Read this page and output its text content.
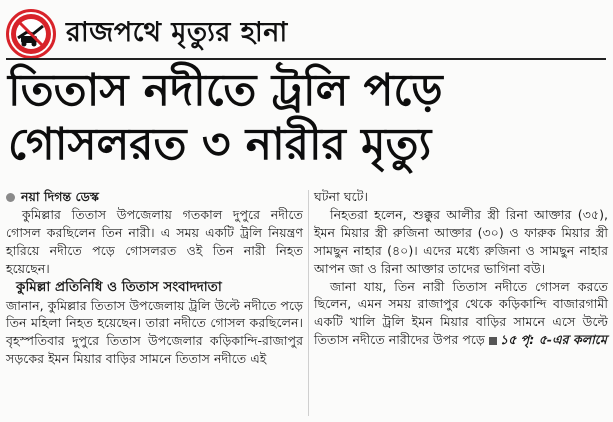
রাজপথে মৃত্যুর হানা
তিতাস নদীতে ট্রলি পড়ে
গোসলরত ৩ নারীর মৃত্যু
নয়া দিগন্ত ডেস্ক

কুমিল্লার তিতাস উপজেলায় গতকাল দুপুরে নদীতে গোসল করছিলেন তিন নারী। এ সময় একটি ট্রলি নিয়ন্ত্রণ হারিয়ে নদীতে পড়ে গোসলরত ওই তিন নারী নিহত হয়েছেন।

কুমিল্লা প্রতিনিধি ও তিতাস সংবাদদাতা

জানান, কুমিল্লার তিতাস উপজেলায় ট্রলি উল্টে নদীতে পড়ে তিন মহিলা নিহত হয়েছেন। তারা নদীতে গোসল করছিলেন। বৃহস্পতিবার দুপুরে তিতাস উপজেলার কড়িকান্দি-রাজাপুর সড়কের ইমন মিয়ার বাড়ির সামনে তিতাস নদীতে এই

ঘটনা ঘটে।

নিহতরা হলেন, শুক্কুর আলীর স্ত্রী রিনা আক্তার (৩৫), ইমন মিয়ার স্ত্রী রুজিনা আক্তার (৩০) ও ফারুক মিয়ার স্ত্রী সামছুন নাহার (৪০)। এদের মধ্যে রুজিনা ও সামছুন নাহার আপন জা ও রিনা আক্তার তাদের ভাগিনা বউ।

জানা যায়, তিন নারী তিতাস নদীতে গোসল করতে ছিলেন, এমন সময় রাজাপুর থেকে কড়িকান্দি বাজারগামী একটি খালি ট্রলি ইমন মিয়ার বাড়ির সামনে এসে উল্টে তিতাস নদীতে নারীদের উপর পড়ে ১৫ পৃ: ৫-এর কলামে
